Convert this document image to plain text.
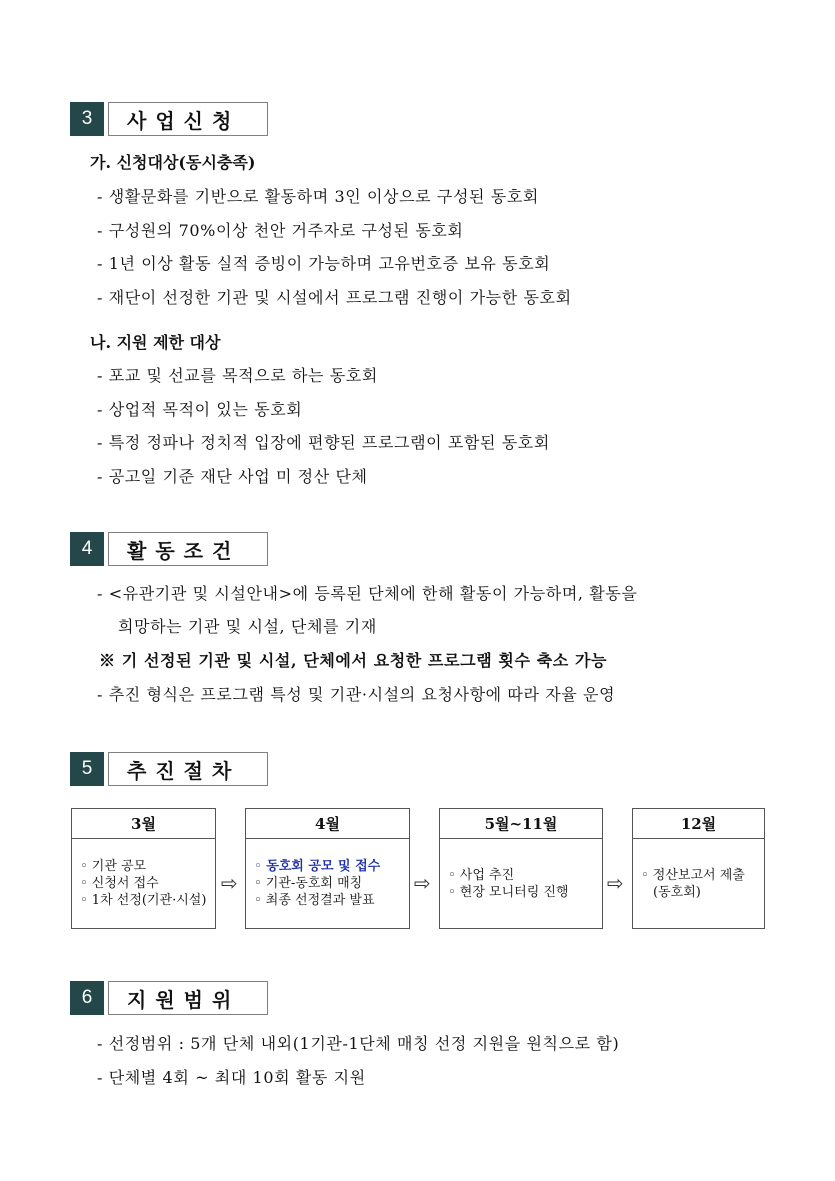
3	사업신청
가. 신청대상(동시충족)
- 생활문화를 기반으로 활동하며 3인 이상으로 구성된 동호회
- 구성원의 70%이상 천안 거주자로 구성된 동호회
- 1년 이상 활동 실적 증빙이 가능하며 고유번호증 보유 동호회
- 재단이 선정한 기관 및 시설에서 프로그램 진행이 가능한 동호회
나. 지원 제한 대상
- 포교 및 선교를 목적으로 하는 동호회
- 상업적 목적이 있는 동호회
- 특정 정파나 정치적 입장에 편향된 프로그램이 포함된 동호회
- 공고일 기준 재단 사업 미 정산 단체
4	활동조건
- <유관기관 및 시설안내>에 등록된 단체에 한해 활동이 가능하며, 활동을
희망하는 기관 및 시설, 단체를 기재
※ 기 선정된 기관 및 시설, 단체에서 요청한 프로그램 횟수 축소 가능
- 추진 형식은 프로그램 특성 및 기관·시설의 요청사항에 따라 자율 운영
5	추진절차
3월
◦ 기관 공모
◦ 신청서 접수
◦ 1차 선정(기관·시설)
⇨
4월
◦ 동호회 공모 및 접수
◦ 기관-동호회 매칭
◦ 최종 선정결과 발표
⇨
5월~11월
◦ 사업 추진
◦ 현장 모니터링 진행	⇨
12월
◦ 정산보고서 제출
(동호회)
6	지원범위
- 선정범위 : 5개 단체 내외(1기관-1단체 매칭 선정 지원을 원칙으로 함)
- 단체별 4회 ~ 최대 10회 활동 지원
